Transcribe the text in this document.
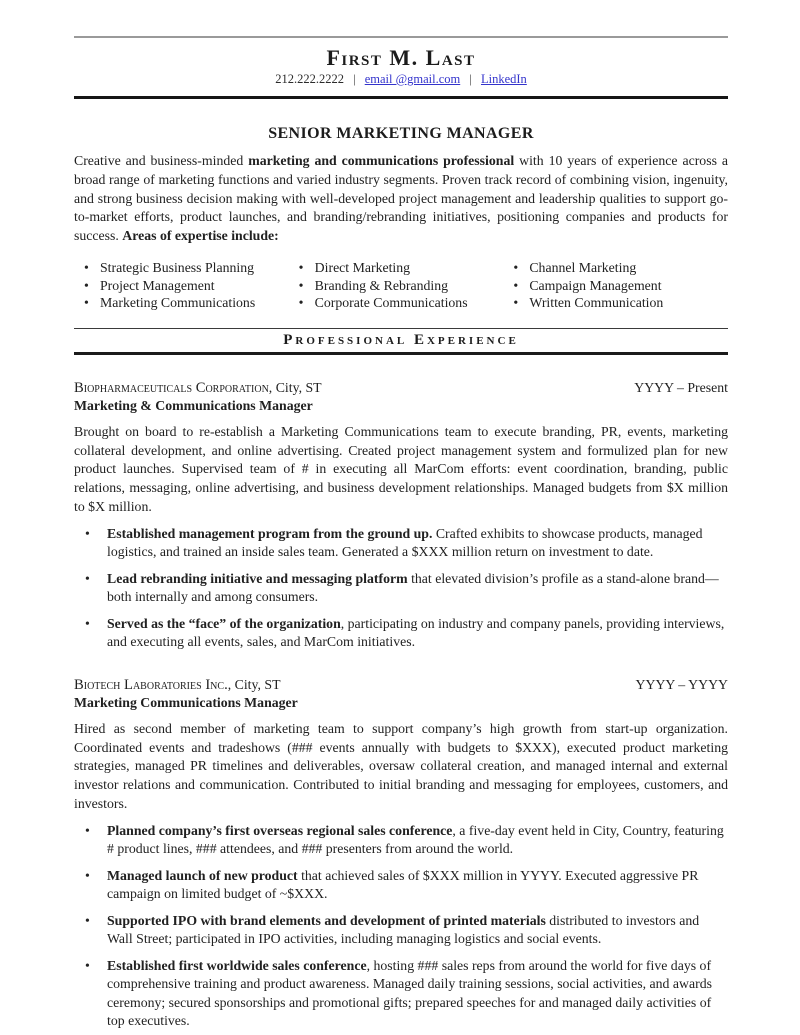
First M. Last
212.222.2222 | email @gmail.com | LinkedIn
SENIOR MARKETING MANAGER

Creative and business-minded marketing and communications professional with 10 years of experience across a broad range of marketing functions and varied industry segments. Proven track record of combining vision, ingenuity, and strong business decision making with well-developed project management and leadership qualities to support go-to-market efforts, product launches, and branding/rebranding initiatives, positioning companies and products for success. Areas of expertise include:

• Strategic Business Planning
• Project Management
• Marketing Communications
• Direct Marketing
• Branding & Rebranding
• Corporate Communications
• Channel Marketing
• Campaign Management
• Written Communication
Professional Experience
Biopharmaceuticals Corporation, City, ST	YYYY – Present
Marketing & Communications Manager

Brought on board to re-establish a Marketing Communications team to execute branding, PR, events, marketing collateral development, and online advertising. Created project management system and formulized plan for new product launches. Supervised team of # in executing all MarCom efforts: event coordination, branding, public relations, messaging, online advertising, and business development relationships. Managed budgets from $X million to $X million.

•	Established management program from the ground up. Crafted exhibits to showcase products, managed logistics, and trained an inside sales team. Generated a $XXX million return on investment to date.
•	Lead rebranding initiative and messaging platform that elevated division’s profile as a stand-alone brand—both internally and among consumers.
•	Served as the “face” of the organization, participating on industry and company panels, providing interviews, and executing all events, sales, and MarCom initiatives.
Biotech Laboratories Inc., City, ST	YYYY – YYYY
Marketing Communications Manager

Hired as second member of marketing team to support company’s high growth from start-up organization. Coordinated events and tradeshows (### events annually with budgets to $XXX), executed product marketing strategies, managed PR timelines and deliverables, oversaw collateral creation, and managed internal and external investor relations and communication. Contributed to initial branding and messaging for employees, customers, and investors.

•	Planned company’s first overseas regional sales conference, a five-day event held in City, Country, featuring # product lines, ### attendees, and ### presenters from around the world.
•	Managed launch of new product that achieved sales of $XXX million in YYYY. Executed aggressive PR campaign on limited budget of ~$XXX.
•	Supported IPO with brand elements and development of printed materials distributed to investors and Wall Street; participated in IPO activities, including managing logistics and social events.
•	Established first worldwide sales conference, hosting ### sales reps from around the world for five days of comprehensive training and product awareness. Managed daily training sessions, social activities, and awards ceremony; secured sponsorships and promotional gifts; prepared speeches for and managed daily activities of top executives.
